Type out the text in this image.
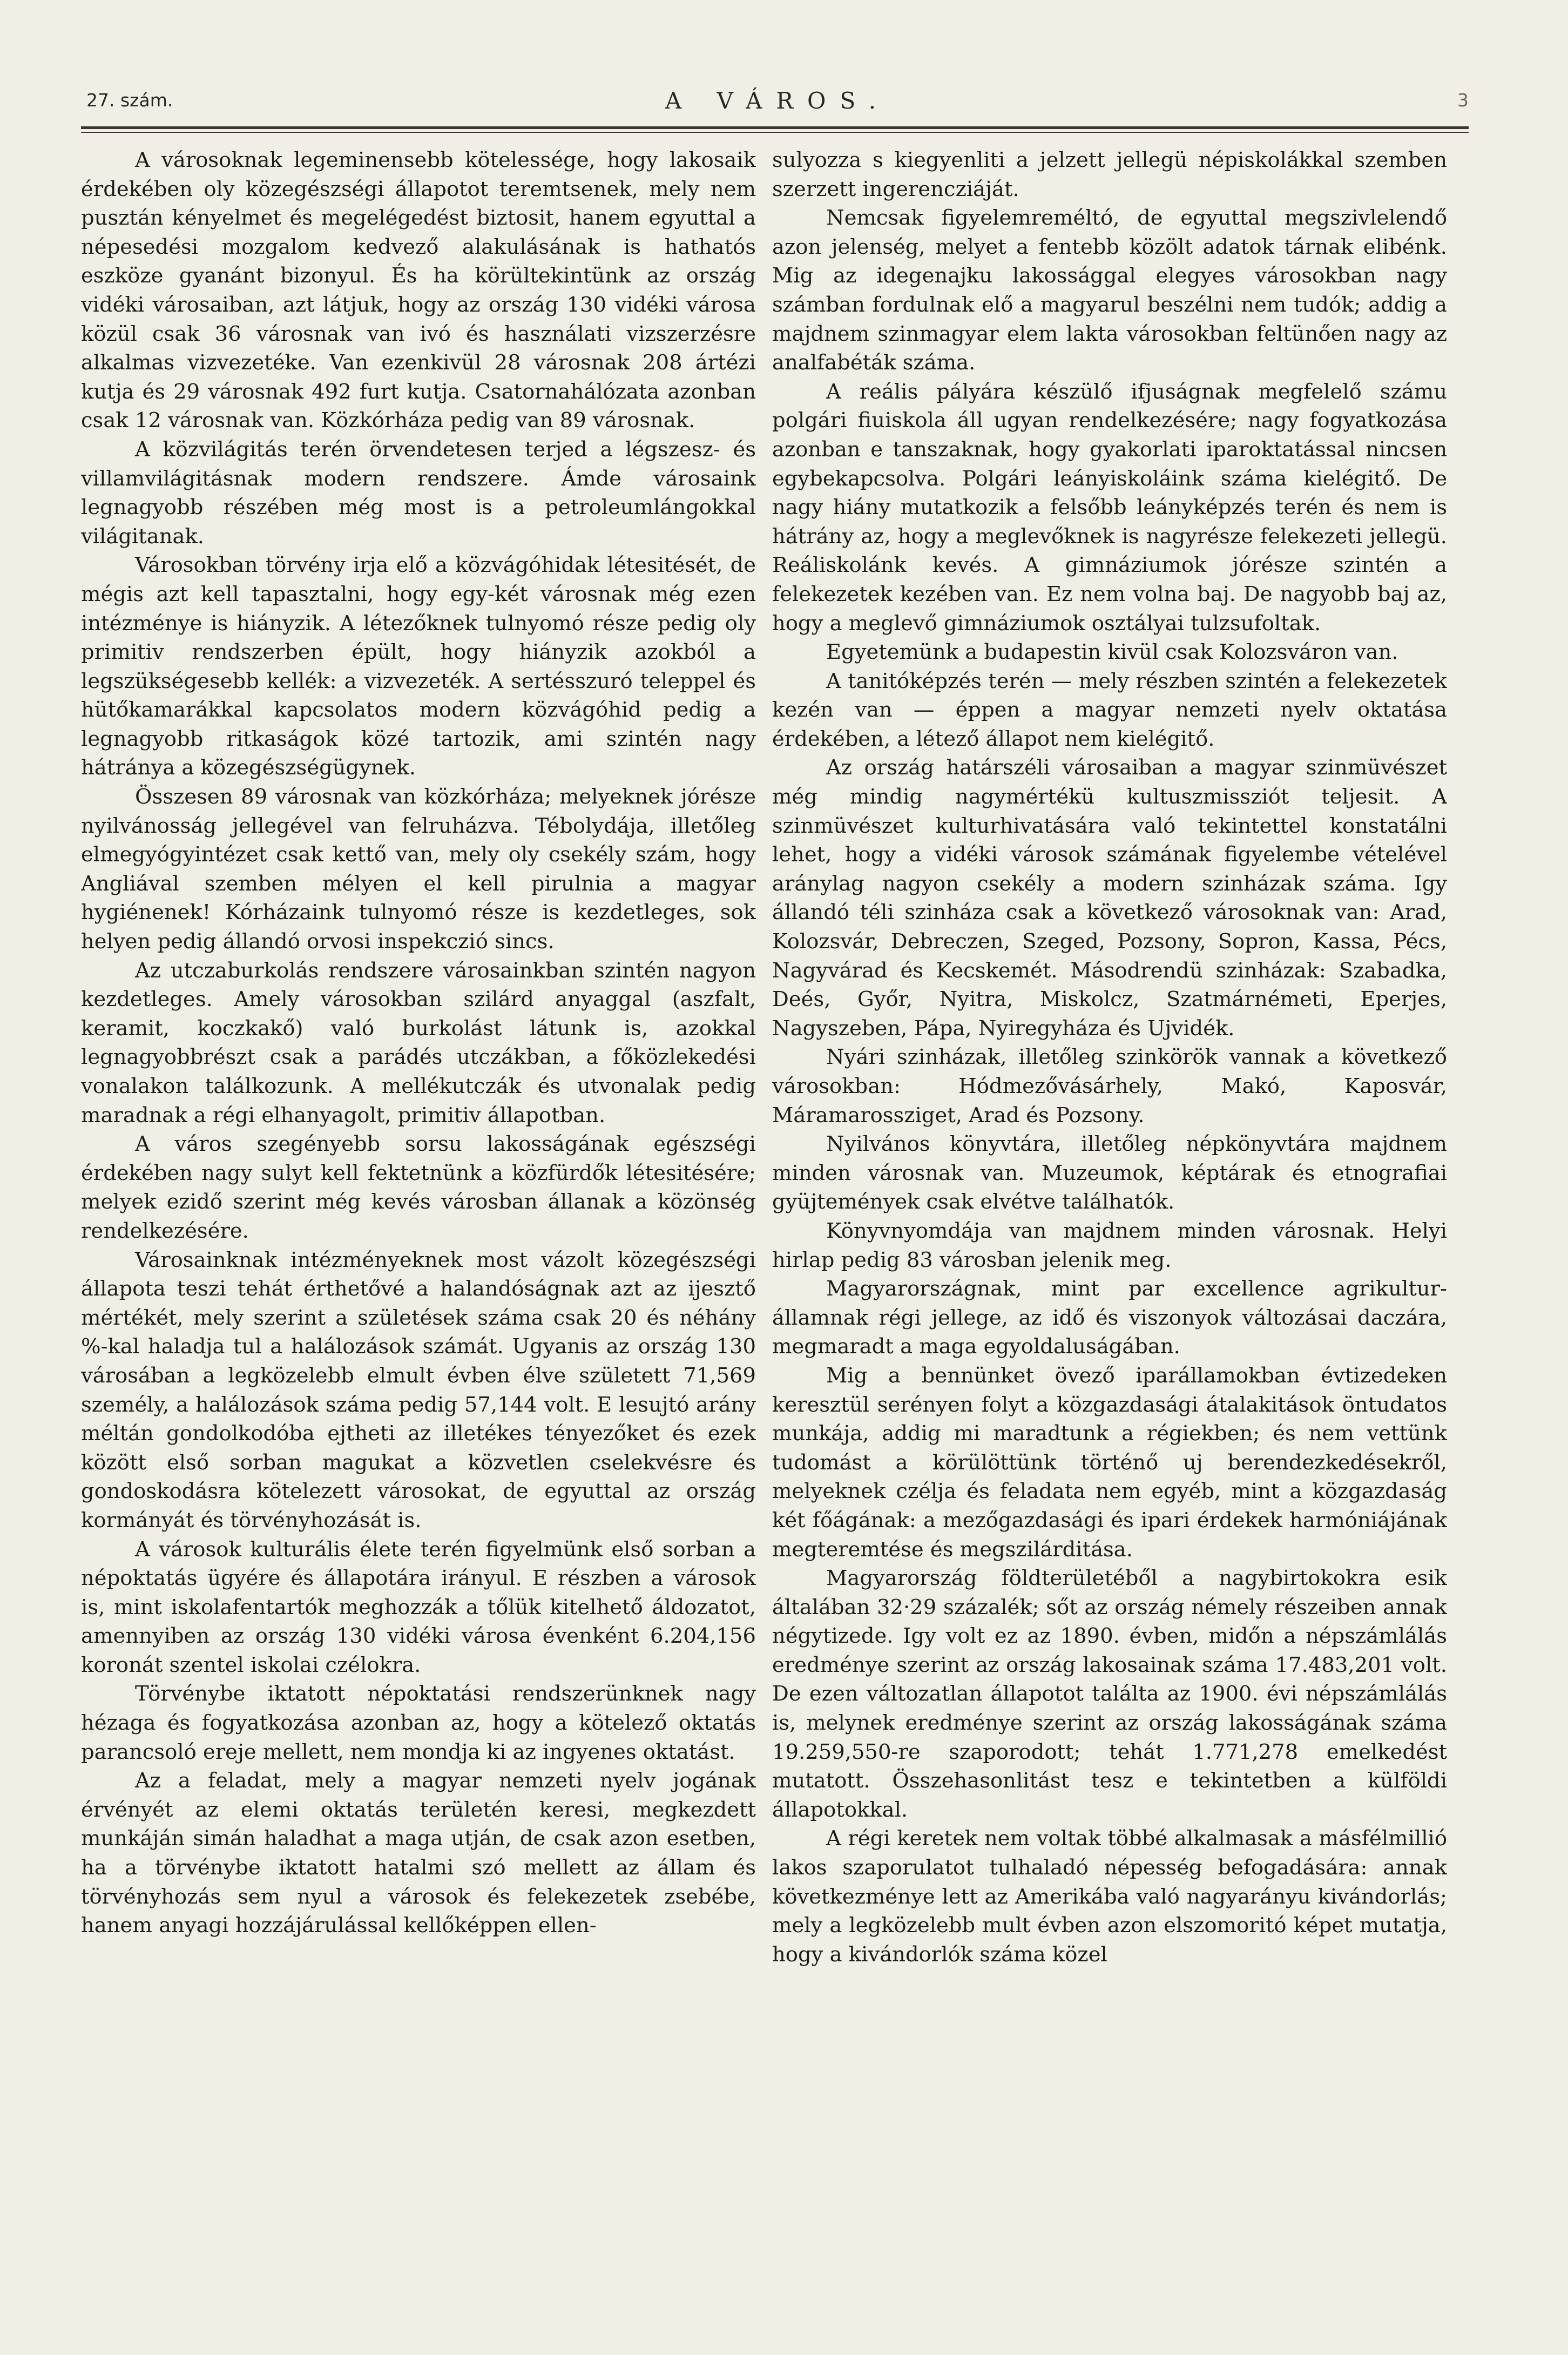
27. szám.	A VÁROS.	3

A városoknak legeminensebb kötelessége, hogy lakosaik érdekében oly közegészségi állapotot teremtsenek, mely nem pusztán kényelmet és megelégedést biztosit, hanem egyuttal a népesedési mozgalom kedvező alakulásának is hathatós eszköze gyanánt bizonyul. És ha körültekintünk az ország vidéki városaiban, azt látjuk, hogy az ország 130 vidéki városa közül csak 36 városnak van ivó és használati vizszerzésre alkalmas vizvezetéke. Van ezenkivül 28 városnak 208 ártézi kutja és 29 városnak 492 furt kutja. Csatornahálózata azonban csak 12 városnak van. Közkórháza pedig van 89 városnak.

A közvilágitás terén örvendetesen terjed a légszesz- és villamvilágitásnak modern rendszere. Ámde városaink legnagyobb részében még most is a petroleumlángokkal világitanak.

Városokban törvény irja elő a közvágóhidak létesitését, de mégis azt kell tapasztalni, hogy egy-két városnak még ezen intézménye is hiányzik. A létezőknek tulnyomó része pedig oly primitiv rendszerben épült, hogy hiányzik azokból a legszükségesebb kellék: a vizvezeték. A sertésszuró teleppel és hütőkamarákkal kapcsolatos modern közvágóhid pedig a legnagyobb ritkaságok közé tartozik, ami szintén nagy hátránya a közegészségügynek.

Összesen 89 városnak van közkórháza; melyeknek jórésze nyilvánosság jellegével van felruházva. Tébolydája, illetőleg elmegyógyintézet csak kettő van, mely oly csekély szám, hogy Angliával szemben mélyen el kell pirulnia a magyar hygiénenek! Kórházaink tulnyomó része is kezdetleges, sok helyen pedig állandó orvosi inspekczió sincs.

Az utczaburkolás rendszere városainkban szintén nagyon kezdetleges. Amely városokban szilárd anyaggal (aszfalt, keramit, koczkakő) való burkolást látunk is, azokkal legnagyobbrészt csak a parádés utczákban, a főközlekedési vonalakon találkozunk. A mellékutczák és utvonalak pedig maradnak a régi elhanyagolt, primitiv állapotban.

A város szegényebb sorsu lakosságának egészségi érdekében nagy sulyt kell fektetnünk a közfürdők létesitésére; melyek ezidő szerint még kevés városban állanak a közönség rendelkezésére.

Városainknak intézményeknek most vázolt közegészségi állapota teszi tehát érthetővé a halandóságnak azt az ijesztő mértékét, mely szerint a születések száma csak 20 és néhány %-kal haladja tul a halálozások számát. Ugyanis az ország 130 városában a legközelebb elmult évben élve született 71,569 személy, a halálozások száma pedig 57,144 volt. E lesujtó arány méltán gondolkodóba ejtheti az illetékes tényezőket és ezek között első sorban magukat a közvetlen cselekvésre és gondoskodásra kötelezett városokat, de egyuttal az ország kormányát és törvényhozását is.

A városok kulturális élete terén figyelmünk első sorban a népoktatás ügyére és állapotára irányul. E részben a városok is, mint iskolafentartók meghozzák a tőlük kitelhető áldozatot, amennyiben az ország 130 vidéki városa évenként 6.204,156 koronát szentel iskolai czélokra.

Törvénybe iktatott népoktatási rendszerünknek nagy hézaga és fogyatkozása azonban az, hogy a kötelező oktatás parancsoló ereje mellett, nem mondja ki az ingyenes oktatást.

Az a feladat, mely a magyar nemzeti nyelv jogának érvényét az elemi oktatás területén keresi, megkezdett munkáján simán haladhat a maga utján, de csak azon esetben, ha a törvénybe iktatott hatalmi szó mellett az állam és törvényhozás sem nyul a városok és felekezetek zsebébe, hanem anyagi hozzájárulással kellőképpen ellen-

sulyozza s kiegyenliti a jelzett jellegü népiskolákkal szemben szerzett ingerencziáját.

Nemcsak figyelemreméltó, de egyuttal megszivlelendő azon jelenség, melyet a fentebb közölt adatok tárnak elibénk. Mig az idegenajku lakossággal elegyes városokban nagy számban fordulnak elő a magyarul beszélni nem tudók; addig a majdnem szinmagyar elem lakta városokban feltünően nagy az analfabéták száma.

A reális pályára készülő ifjuságnak megfelelő számu polgári fiuiskola áll ugyan rendelkezésére; nagy fogyatkozása azonban e tanszaknak, hogy gyakorlati iparoktatással nincsen egybekapcsolva. Polgári leányiskoláink száma kielégitő. De nagy hiány mutatkozik a felsőbb leányképzés terén és nem is hátrány az, hogy a meglevőknek is nagyrésze felekezeti jellegü. Reáliskolánk kevés. A gimnáziumok jórésze szintén a felekezetek kezében van. Ez nem volna baj. De nagyobb baj az, hogy a meglevő gimnáziumok osztályai tulzsufoltak.

Egyetemünk a budapestin kivül csak Kolozsváron van.

A tanitóképzés terén — mely részben szintén a felekezetek kezén van — éppen a magyar nemzeti nyelv oktatása érdekében, a létező állapot nem kielégitő.

Az ország határszéli városaiban a magyar szinmüvészet még mindig nagymértékü kultuszmissziót teljesit. A szinmüvészet kulturhivatására való tekintettel konstatálni lehet, hogy a vidéki városok számának figyelembe vételével aránylag nagyon csekély a modern szinházak száma. Igy állandó téli szinháza csak a következő városoknak van: Arad, Kolozsvár, Debreczen, Szeged, Pozsony, Sopron, Kassa, Pécs, Nagyvárad és Kecskemét. Másodrendü szinházak: Szabadka, Deés, Győr, Nyitra, Miskolcz, Szatmárnémeti, Eperjes, Nagyszeben, Pápa, Nyiregyháza és Ujvidék.

Nyári szinházak, illetőleg szinkörök vannak a következő városokban: Hódmezővásárhely, Makó, Kaposvár, Máramarossziget, Arad és Pozsony.

Nyilvános könyvtára, illetőleg népkönyvtára majdnem minden városnak van. Muzeumok, képtárak és etnografiai gyüjtemények csak elvétve találhatók.

Könyvnyomdája van majdnem minden városnak. Helyi hirlap pedig 83 városban jelenik meg.

Magyarországnak, mint par excellence agrikultur-államnak régi jellege, az idő és viszonyok változásai daczára, megmaradt a maga egyoldaluságában.

Mig a bennünket övező iparállamokban évtizedeken keresztül serényen folyt a közgazdasági átalakitások öntudatos munkája, addig mi maradtunk a régiekben; és nem vettünk tudomást a körülöttünk történő uj berendezkedésekről, melyeknek czélja és feladata nem egyéb, mint a közgazdaság két főágának: a mezőgazdasági és ipari érdekek harmóniájának megteremtése és megszilárditása.

Magyarország földterületéből a nagybirtokokra esik általában 32·29 százalék; sőt az ország némely részeiben annak négytizede. Igy volt ez az 1890. évben, midőn a népszámlálás eredménye szerint az ország lakosainak száma 17.483,201 volt. De ezen változatlan állapotot találta az 1900. évi népszámlálás is, melynek eredménye szerint az ország lakosságának száma 19.259,550-re szaporodott; tehát 1.771,278 emelkedést mutatott. Összehasonlitást tesz e tekintetben a külföldi állapotokkal.

A régi keretek nem voltak többé alkalmasak a másfélmillió lakos szaporulatot tulhaladó népesség befogadására: annak következménye lett az Amerikába való nagyarányu kivándorlás; mely a legközelebb mult évben azon elszomoritó képet mutatja, hogy a kivándorlók száma közel
